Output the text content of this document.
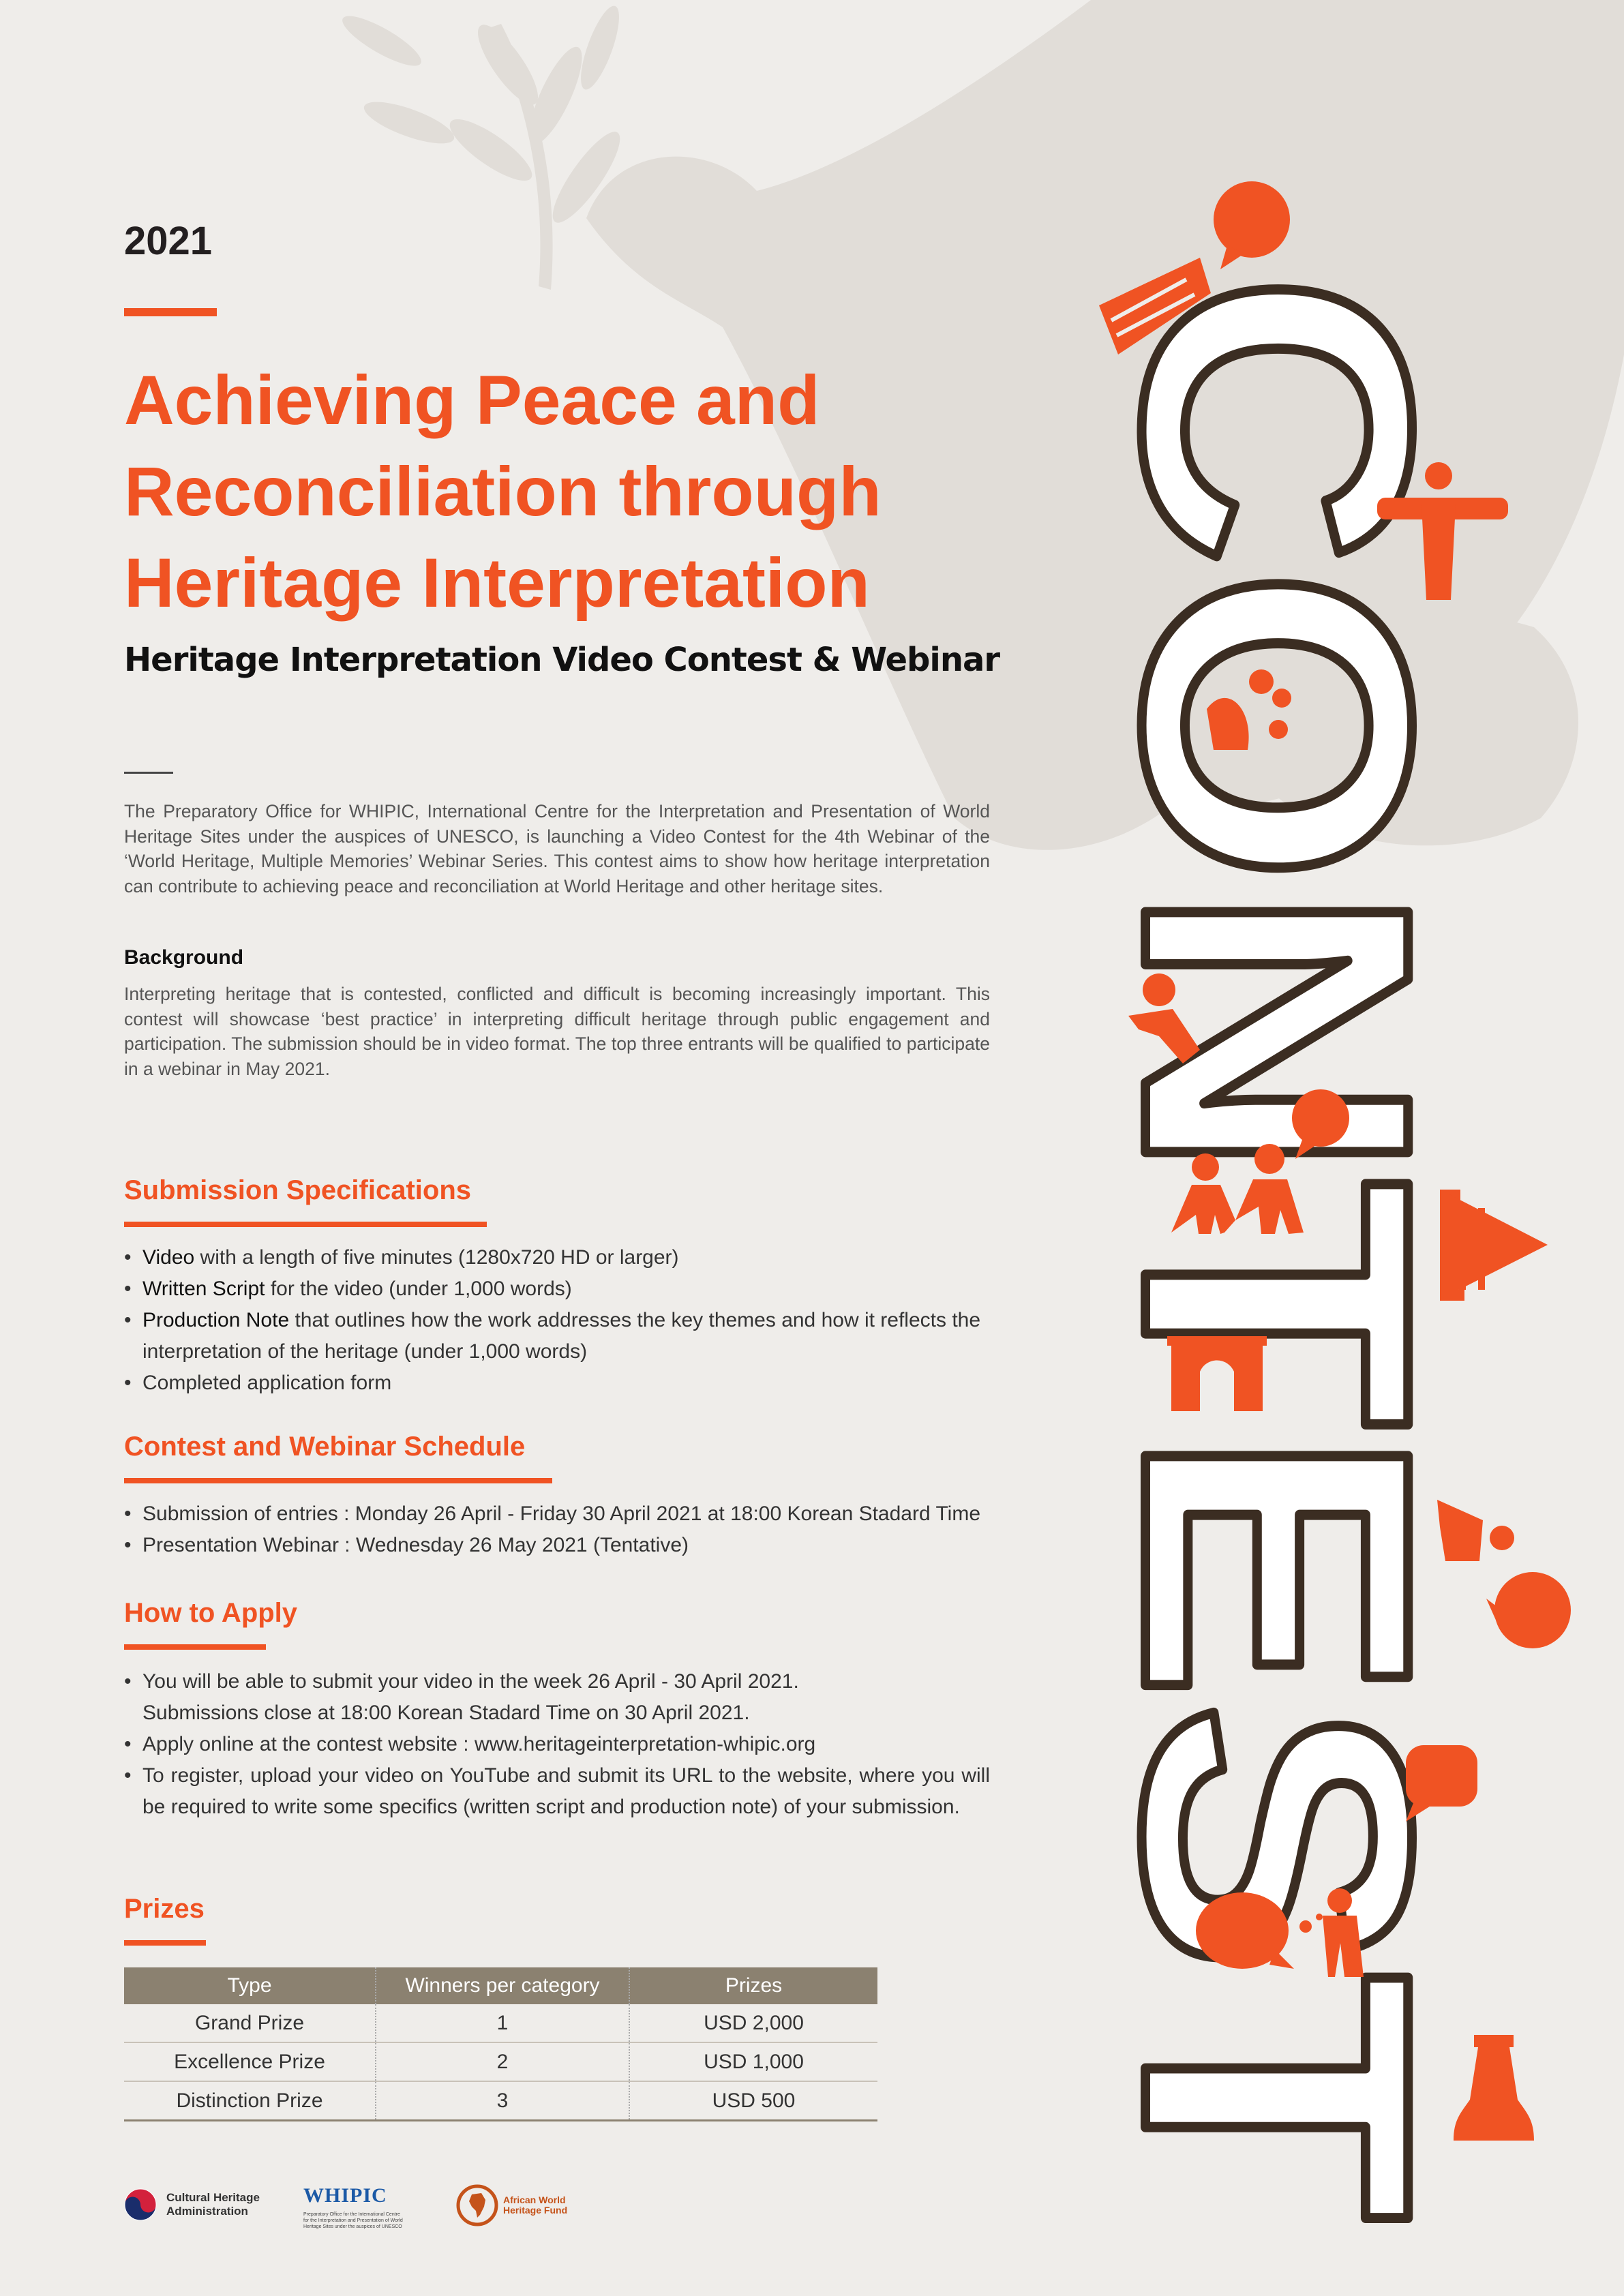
CONTEST
2021
Achieving Peace and
Reconciliation through
Heritage Interpretation
Heritage Interpretation Video Contest & Webinar

The Preparatory Office for WHIPIC, International Centre for the Interpretation and Presentation of World Heritage Sites under the auspices of UNESCO, is launching a Video Contest for the 4th Webinar of the ‘World Heritage, Multiple Memories’ Webinar Series. This contest aims to show how heritage interpretation can contribute to achieving peace and reconciliation at World Heritage and other heritage sites.

Background

Interpreting heritage that is contested, conflicted and difficult is becoming increasingly important. This contest will showcase ‘best practice’ in interpreting difficult heritage through public engagement and participation. The submission should be in video format. The top three entrants will be qualified to participate in a webinar in May 2021.

Submission Specifications
• Video with a length of five minutes (1280x720 HD or larger)
• Written Script for the video (under 1,000 words)
• Production Note that outlines how the work addresses the key themes and how it reflects the interpretation of the heritage (under 1,000 words)
• Completed application form
Contest and Webinar Schedule
• Submission of entries : Monday 26 April - Friday 30 April 2021 at 18:00 Korean Stadard Time
• Presentation Webinar : Wednesday 26 May 2021 (Tentative)
How to Apply
• You will be able to submit your video in the week 26 April - 30 April 2021.
Submissions close at 18:00 Korean Stadard Time on 30 April 2021.
• Apply online at the contest website : www.heritageinterpretation-whipic.org
• To register, upload your video on YouTube and submit its URL to the website, where you will be required to write some specifics (written script and production note) of your submission.
Prizes
Type	Winners per category	Prizes
Grand Prize	1	USD 2,000
Excellence Prize	2	USD 1,000
Distinction Prize	3	USD 500
Cultural Heritage
Administration
WHIPIC
Preparatory Office for the International Centre for the Interpretation and Presentation of World Heritage Sites under the auspices of UNESCO
African World
Heritage Fund
